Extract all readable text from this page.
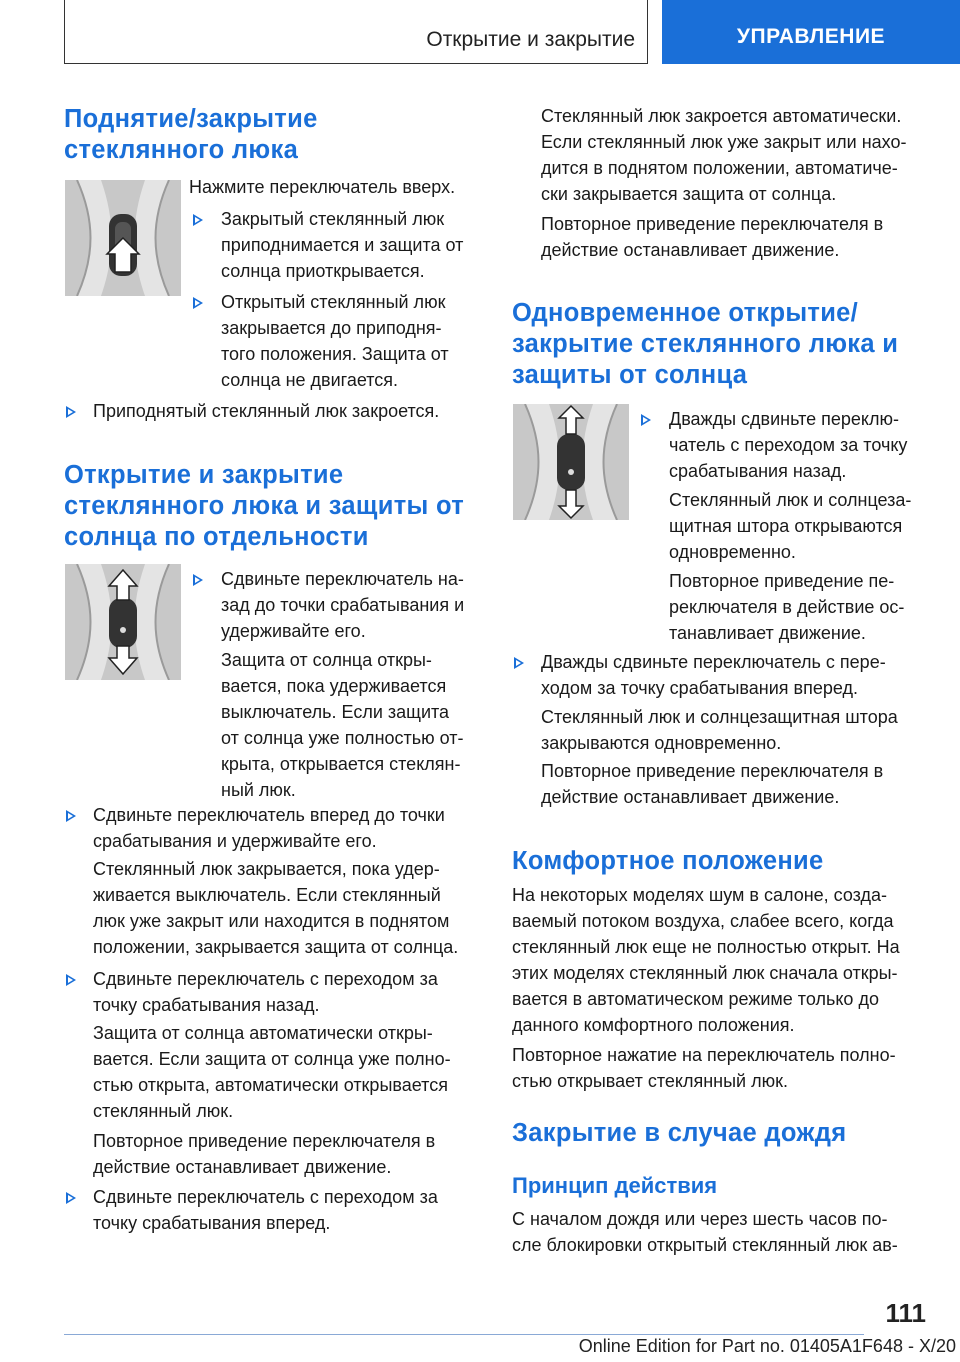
Открытие и закрытие	УПРАВЛЕНИЕ
Поднятие/закрытие
стеклянного люка
Нажмите переключатель вверх.
Закрытый стеклянный люк
приподнимается и защита от
солнца приоткрывается.
Открытый стеклянный люк
закрывается до приподня-
того положения. Защита от
солнца не двигается.
Приподнятый стеклянный люк закроется.
Открытие и закрытие
стеклянного люка и защиты от
солнца по отдельности
Сдвиньте переключатель на-
зад до точки срабатывания и
удерживайте его.
Защита от солнца откры-
вается, пока удерживается
выключатель. Если защита
от солнца уже полностью от-
крыта, открывается стеклян-
ный люк.
Сдвиньте переключатель вперед до точки
срабатывания и удерживайте его.
Стеклянный люк закрывается, пока удер-
живается выключатель. Если стеклянный
люк уже закрыт или находится в поднятом
положении, закрывается защита от солнца.
Сдвиньте переключатель с переходом за
точку срабатывания назад.
Защита от солнца автоматически откры-
вается. Если защита от солнца уже полно-
стью открыта, автоматически открывается
стеклянный люк.
Повторное приведение переключателя в
действие останавливает движение.
Сдвиньте переключатель с переходом за
точку срабатывания вперед.
Стеклянный люк закроется автоматически.
Если стеклянный люк уже закрыт или нахо-
дится в поднятом положении, автоматиче-
ски закрывается защита от солнца.
Повторное приведение переключателя в
действие останавливает движение.
Одновременное открытие/
закрытие стеклянного люка и
защиты от солнца
Дважды сдвиньте переклю-
чатель с переходом за точку
срабатывания назад.
Стеклянный люк и солнцеза-
щитная штора открываются
одновременно.
Повторное приведение пе-
реключателя в действие ос-
танавливает движение.
Дважды сдвиньте переключатель с пере-
ходом за точку срабатывания вперед.
Стеклянный люк и солнцезащитная штора
закрываются одновременно.
Повторное приведение переключателя в
действие останавливает движение.
Комфортное положение
На некоторых моделях шум в салоне, созда-
ваемый потоком воздуха, слабее всего, когда
стеклянный люк еще не полностью открыт. На
этих моделях стеклянный люк сначала откры-
вается в автоматическом режиме только до
данного комфортного положения.
Повторное нажатие на переключатель полно-
стью открывает стеклянный люк.
Закрытие в случае дождя
Принцип действия
С началом дождя или через шесть часов по-
сле блокировки открытый стеклянный люк ав-
111
Online Edition for Part no. 01405A1F648 - X/20
